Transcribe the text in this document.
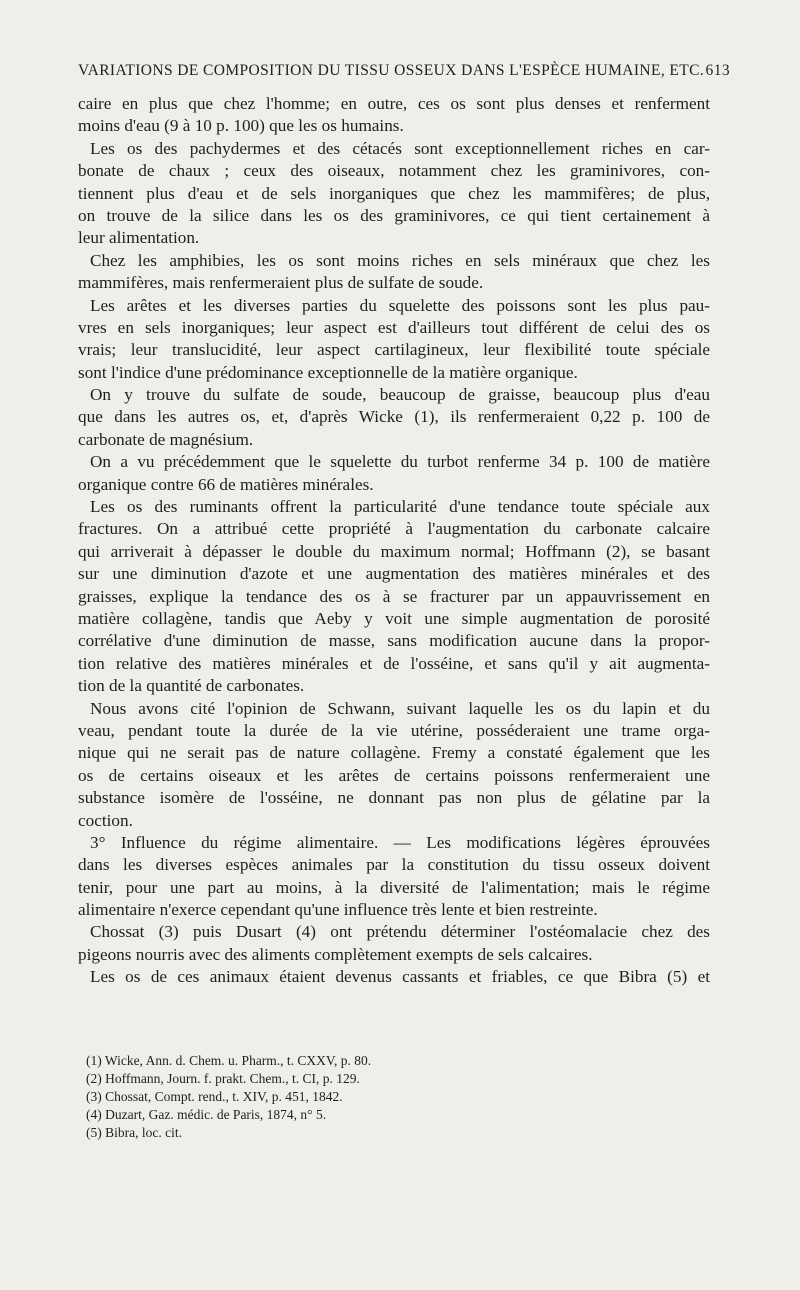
VARIATIONS DE COMPOSITION DU TISSU OSSEUX DANS L'ESPÈCE HUMAINE, ETC. 613
caire en plus que chez l'homme; en outre, ces os sont plus denses et renferment
moins d'eau (9 à 10 p. 100) que les os humains.
Les os des pachydermes et des cétacés sont exceptionnellement riches en car-
bonate de chaux ; ceux des oiseaux, notamment chez les graminivores, con-
tiennent plus d'eau et de sels inorganiques que chez les mammifères; de plus,
on trouve de la silice dans les os des graminivores, ce qui tient certainement à
leur alimentation.
Chez les amphibies, les os sont moins riches en sels minéraux que chez les
mammifères, mais renfermeraient plus de sulfate de soude.
Les arêtes et les diverses parties du squelette des poissons sont les plus pau-
vres en sels inorganiques; leur aspect est d'ailleurs tout différent de celui des os
vrais; leur translucidité, leur aspect cartilagineux, leur flexibilité toute spéciale
sont l'indice d'une prédominance exceptionnelle de la matière organique.
On y trouve du sulfate de soude, beaucoup de graisse, beaucoup plus d'eau
que dans les autres os, et, d'après Wicke (1), ils renfermeraient 0,22 p. 100 de
carbonate de magnésium.
On a vu précédemment que le squelette du turbot renferme 34 p. 100 de matière
organique contre 66 de matières minérales.
Les os des ruminants offrent la particularité d'une tendance toute spéciale aux
fractures. On a attribué cette propriété à l'augmentation du carbonate calcaire
qui arriverait à dépasser le double du maximum normal; Hoffmann (2), se basant
sur une diminution d'azote et une augmentation des matières minérales et des
graisses, explique la tendance des os à se fracturer par un appauvrissement en
matière collagène, tandis que Aeby y voit une simple augmentation de porosité
corrélative d'une diminution de masse, sans modification aucune dans la propor-
tion relative des matières minérales et de l'osséine, et sans qu'il y ait augmenta-
tion de la quantité de carbonates.
Nous avons cité l'opinion de Schwann, suivant laquelle les os du lapin et du
veau, pendant toute la durée de la vie utérine, posséderaient une trame orga-
nique qui ne serait pas de nature collagène. Fremy a constaté également que les
os de certains oiseaux et les arêtes de certains poissons renfermeraient une
substance isomère de l'osséine, ne donnant pas non plus de gélatine par la
coction.
3° Influence du régime alimentaire. — Les modifications légères éprouvées
dans les diverses espèces animales par la constitution du tissu osseux doivent
tenir, pour une part au moins, à la diversité de l'alimentation; mais le régime
alimentaire n'exerce cependant qu'une influence très lente et bien restreinte.
Chossat (3) puis Dusart (4) ont prétendu déterminer l'ostéomalacie chez des
pigeons nourris avec des aliments complètement exempts de sels calcaires.
Les os de ces animaux étaient devenus cassants et friables, ce que Bibra (5) et
(1) Wicke, Ann. d. Chem. u. Pharm., t. CXXV, p. 80.
(2) Hoffmann, Journ. f. prakt. Chem., t. CI, p. 129.
(3) Chossat, Compt. rend., t. XIV, p. 451, 1842.
(4) Duzart, Gaz. médic. de Paris, 1874, n° 5.
(5) Bibra, loc. cit.
